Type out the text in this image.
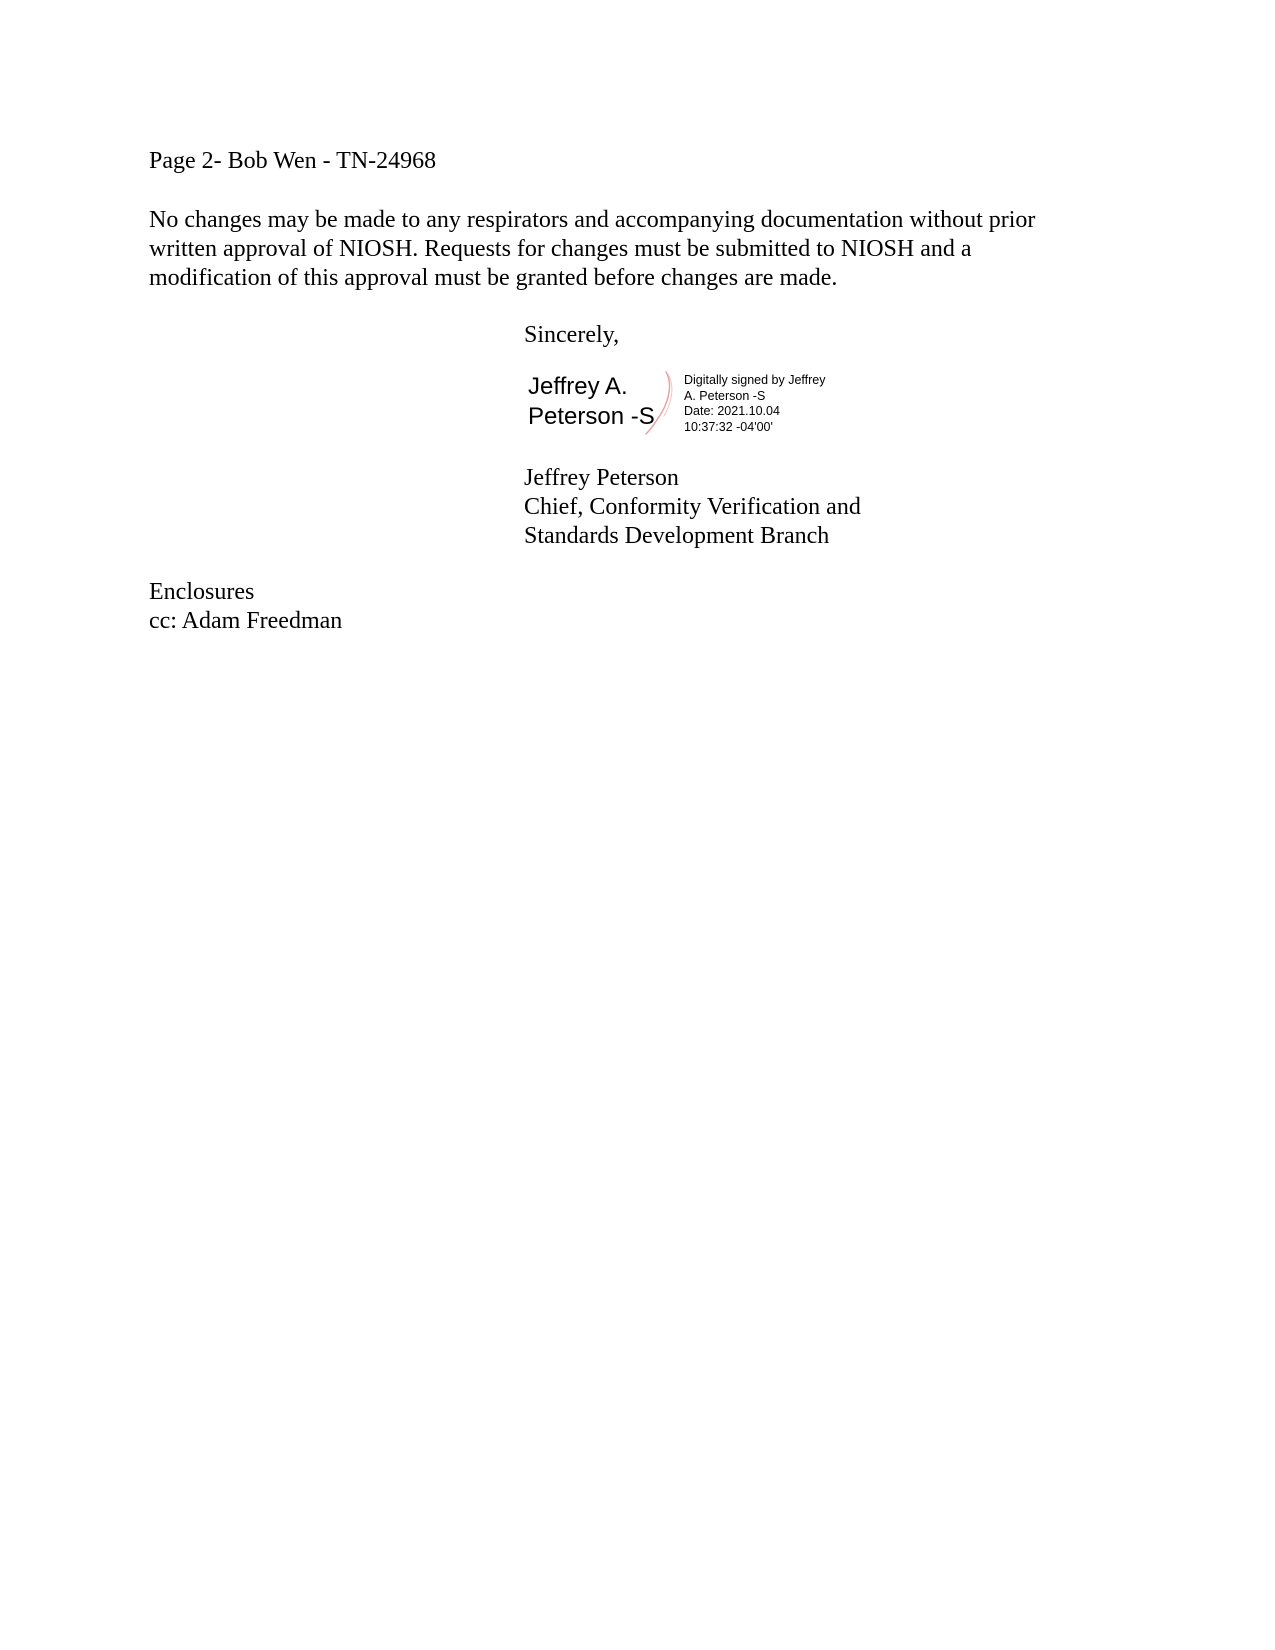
Page 2- Bob Wen - TN-24968

No changes may be made to any respirators and accompanying documentation without prior
written approval of NIOSH. Requests for changes must be submitted to NIOSH and a
modification of this approval must be granted before changes are made.

Sincerely,

Jeffrey A.
Peterson -S
Digitally signed by Jeffrey
A. Peterson -S
Date: 2021.10.04
10:37:32 -04'00'

Jeffrey Peterson
Chief, Conformity Verification and
Standards Development Branch

Enclosures
cc: Adam Freedman
